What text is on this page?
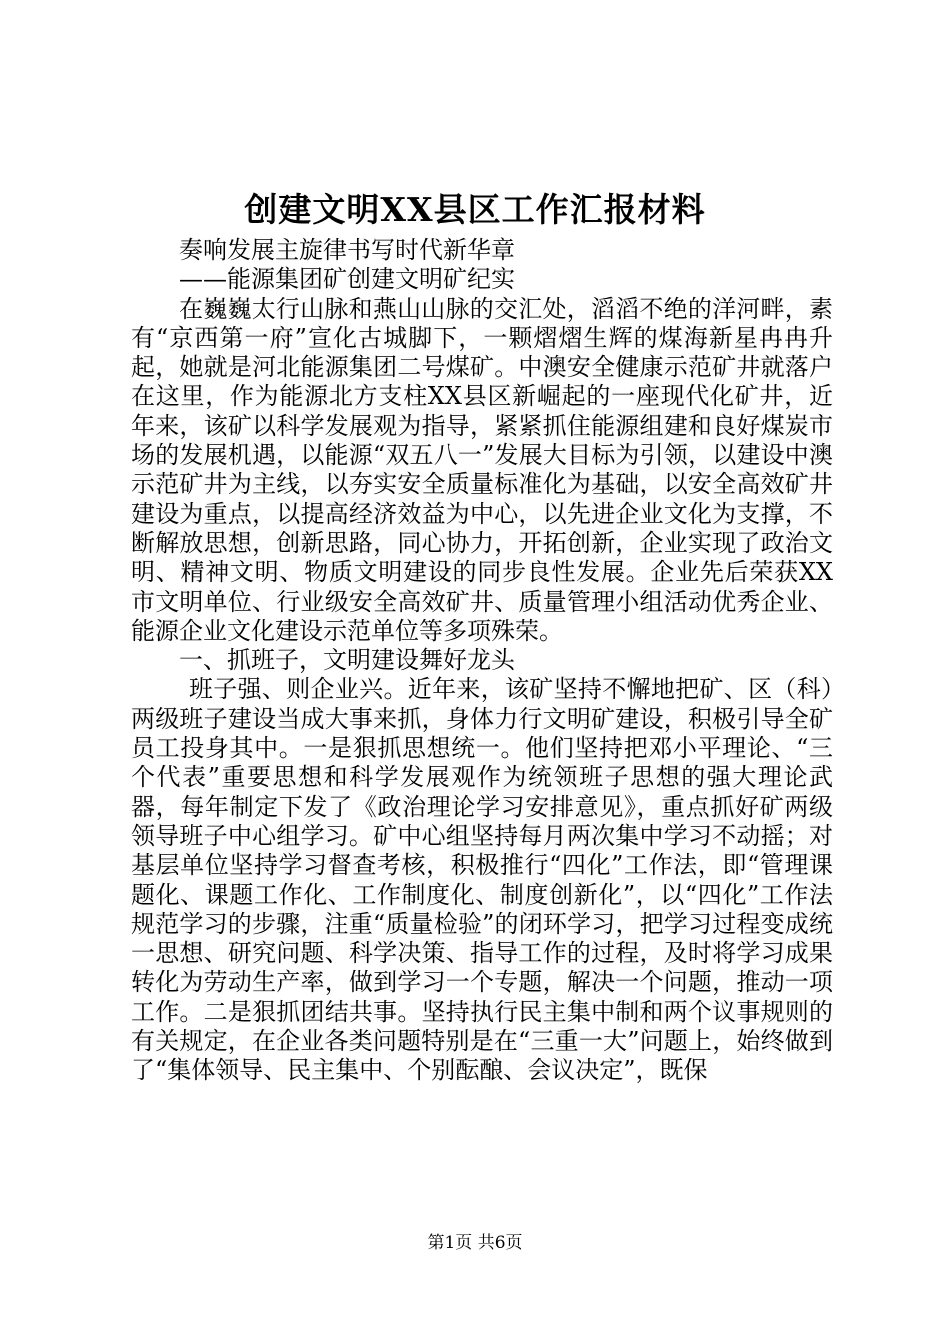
创建文明XX县区工作汇报材料

奏响发展主旋律书写时代新华章

——能源集团矿创建文明矿纪实

在巍巍太行山脉和燕山山脉的交汇处，滔滔不绝的洋河畔，素有“京西第一府”宣化古城脚下，一颗熠熠生辉的煤海新星冉冉升起，她就是河北能源集团二号煤矿。中澳安全健康示范矿井就落户在这里，作为能源北方支柱XX县区新崛起的一座现代化矿井，近年来，该矿以科学发展观为指导，紧紧抓住能源组建和良好煤炭市场的发展机遇，以能源“双五八一”发展大目标为引领，以建设中澳示范矿井为主线，以夯实安全质量标准化为基础，以安全高效矿井建设为重点，以提高经济效益为中心，以先进企业文化为支撑，不断解放思想，创新思路，同心协力，开拓创新，企业实现了政治文明、精神文明、物质文明建设的同步良性发展。企业先后荣获XX市文明单位、行业级安全高效矿井、质量管理小组活动优秀企业、能源企业文化建设示范单位等多项殊荣。

一、抓班子，文明建设舞好龙头

班子强、则企业兴。近年来，该矿坚持不懈地把矿、区（科）两级班子建设当成大事来抓，身体力行文明矿建设，积极引导全矿员工投身其中。一是狠抓思想统一。他们坚持把邓小平理论、“三个代表”重要思想和科学发展观作为统领班子思想的强大理论武器，每年制定下发了《政治理论学习安排意见》，重点抓好矿两级领导班子中心组学习。矿中心组坚持每月两次集中学习不动摇；对基层单位坚持学习督查考核，积极推行“四化”工作法，即“管理课题化、课题工作化、工作制度化、制度创新化”，以“四化”工作法规范学习的步骤，注重“质量检验”的闭环学习，把学习过程变成统一思想、研究问题、科学决策、指导工作的过程，及时将学习成果转化为劳动生产率，做到学习一个专题，解决一个问题，推动一项工作。二是狠抓团结共事。坚持执行民主集中制和两个议事规则的有关规定，在企业各类问题特别是在“三重一大”问题上，始终做到了“集体领导、民主集中、个别酝酿、会议决定”，既保

第1页 共6页
